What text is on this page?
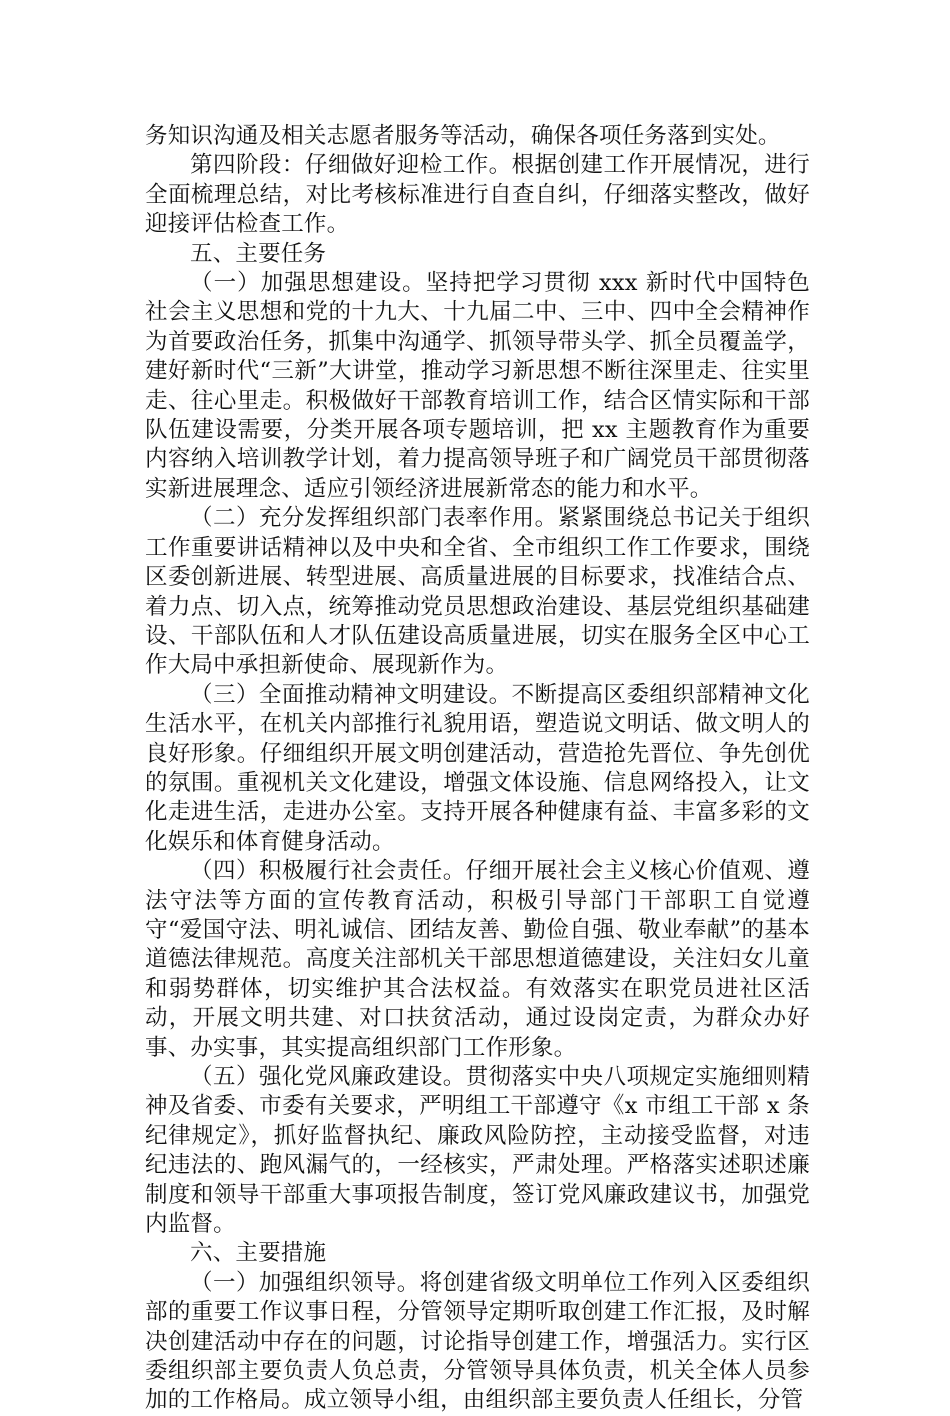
务知识沟通及相关志愿者服务等活动，确保各项任务落到实处。

第四阶段：仔细做好迎检工作。根据创建工作开展情况，进行全面梳理总结，对比考核标准进行自查自纠，仔细落实整改，做好迎接评估检查工作。

五、主要任务

（一）加强思想建设。坚持把学习贯彻 xxx 新时代中国特色社会主义思想和党的十九大、十九届二中、三中、四中全会精神作为首要政治任务，抓集中沟通学、抓领导带头学、抓全员覆盖学，建好新时代“三新”大讲堂，推动学习新思想不断往深里走、往实里走、往心里走。积极做好干部教育培训工作，结合区情实际和干部队伍建设需要，分类开展各项专题培训，把 xx 主题教育作为重要内容纳入培训教学计划，着力提高领导班子和广阔党员干部贯彻落实新进展理念、适应引领经济进展新常态的能力和水平。

（二）充分发挥组织部门表率作用。紧紧围绕总书记关于组织工作重要讲话精神以及中央和全省、全市组织工作工作要求，围绕区委创新进展、转型进展、高质量进展的目标要求，找准结合点、着力点、切入点，统筹推动党员思想政治建设、基层党组织基础建设、干部队伍和人才队伍建设高质量进展，切实在服务全区中心工作大局中承担新使命、展现新作为。

（三）全面推动精神文明建设。不断提高区委组织部精神文化生活水平，在机关内部推行礼貌用语，塑造说文明话、做文明人的良好形象。仔细组织开展文明创建活动，营造抢先晋位、争先创优的氛围。重视机关文化建设，增强文体设施、信息网络投入，让文化走进生活，走进办公室。支持开展各种健康有益、丰富多彩的文化娱乐和体育健身活动。

（四）积极履行社会责任。仔细开展社会主义核心价值观、遵法守法等方面的宣传教育活动，积极引导部门干部职工自觉遵守“爱国守法、明礼诚信、团结友善、勤俭自强、敬业奉献”的基本道德法律规范。高度关注部机关干部思想道德建设，关注妇女儿童和弱势群体，切实维护其合法权益。有效落实在职党员进社区活动，开展文明共建、对口扶贫活动，通过设岗定责，为群众办好事、办实事，其实提高组织部门工作形象。

（五）强化党风廉政建设。贯彻落实中央八项规定实施细则精神及省委、市委有关要求，严明组工干部遵守《x 市组工干部 x 条纪律规定》，抓好监督执纪、廉政风险防控，主动接受监督，对违纪违法的、跑风漏气的，一经核实，严肃处理。严格落实述职述廉制度和领导干部重大事项报告制度，签订党风廉政建议书，加强党内监督。

六、主要措施

（一）加强组织领导。将创建省级文明单位工作列入区委组织部的重要工作议事日程，分管领导定期听取创建工作汇报，及时解决创建活动中存在的问题，讨论指导创建工作，增强活力。实行区委组织部主要负责人负总责，分管领导具体负责，机关全体人员参加的工作格局。成立领导小组，由组织部主要负责人任组长，分管
